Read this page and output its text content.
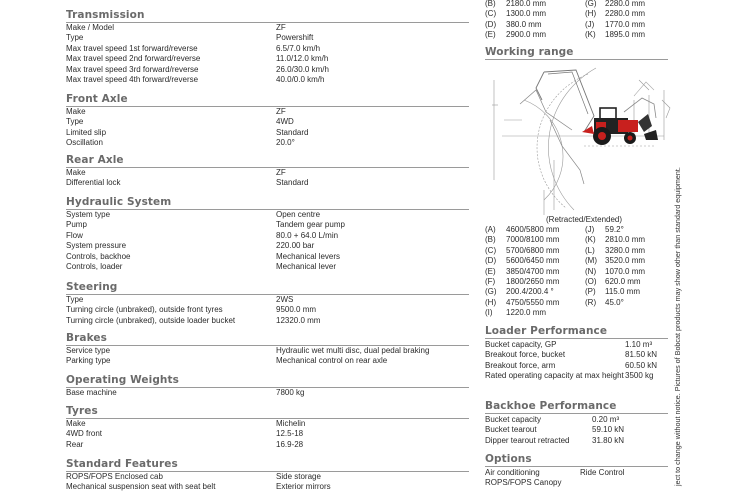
Transmission
Make / Model	ZF
Type	Powershift
Max travel speed 1st forward/reverse	6.5/7.0 km/h
Max travel speed 2nd forward/reverse	11.0/12.0 km/h
Max travel speed 3rd forward/reverse	26.0/30.0 km/h
Max travel speed 4th forward/reverse	40.0/0.0 km/h
Front Axle
Make	ZF
Type	4WD
Limited slip	Standard
Oscillation	20.0°
Rear Axle
Make	ZF
Differential lock	Standard
Hydraulic System
System type	Open centre
Pump	Tandem gear pump
Flow	80.0 + 64.0 L/min
System pressure	220.00 bar
Controls, backhoe	Mechanical levers
Controls, loader	Mechanical lever
Steering
Type	2WS
Turning circle (unbraked), outside front tyres	9500.0 mm
Turning circle (unbraked), outside loader bucket	12320.0 mm
Brakes
Service type	Hydraulic wet multi disc, dual pedal braking
Parking type	Mechanical control on rear axle
Operating Weights
Base machine	7800 kg
Tyres
Make	Michelin
4WD front	12.5-18
Rear	16.9-28
Standard Features
ROPS/FOPS Enclosed cab	Side storage
Mechanical suspension seat with seat belt	Exterior mirrors
(B) 2180.0 mm	(G) 2280.0 mm
(C) 1300.0 mm	(H) 2280.0 mm
(D) 380.0 mm	(J) 1770.0 mm
(E) 2900.0 mm	(K) 1895.0 mm
Working range
(Retracted/Extended)
(A) 4600/5800 mm	(J) 59.2°
(B) 7000/8100 mm	(K) 2810.0 mm
(C) 5700/6800 mm	(L) 3280.0 mm
(D) 5600/6450 mm	(M) 3520.0 mm
(E) 3850/4700 mm	(N) 1070.0 mm
(F) 1800/2650 mm	(O) 620.0 mm
(G) 200.4/200.4 °	(P) 115.0 mm
(H) 4750/5550 mm	(R) 45.0°
(I) 1220.0 mm
Loader Performance
Bucket capacity, GP	1.10 m³
Breakout force, bucket	81.50 kN
Breakout force, arm	60.50 kN
Rated operating capacity at max height 3500 kg
Backhoe Performance
Bucket capacity	0.20 m³
Bucket tearout	59.10 kN
Dipper tearout retracted	31.80 kN
Options
Air conditioning	Ride Control
ROPS/FOPS Canopy	ject to change without notice. Pictures of Bobcat products may show other than standard equipment.
